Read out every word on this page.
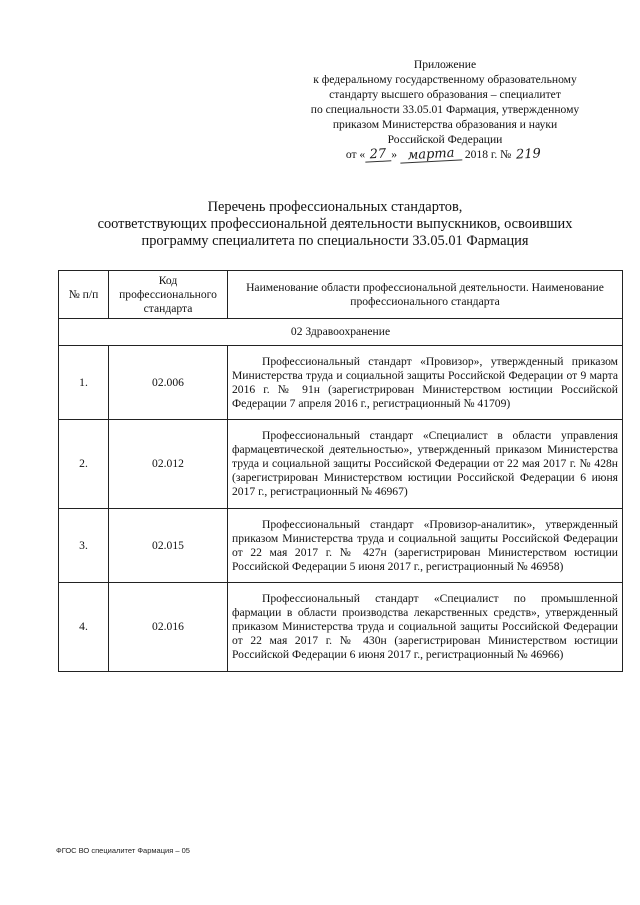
Приложение
к федеральному государственному образовательному
стандарту высшего образования – специалитет
по специальности 33.05.01 Фармация, утвержденному
приказом Министерства образования и науки
Российской Федерации
от « 27 » марта 2018 г. № 219
Перечень профессиональных стандартов,
соответствующих профессиональной деятельности выпускников, освоивших
программу специалитета по специальности 33.05.01 Фармация
№ п/п	Код профессионального стандарта	Наименование области профессиональной деятельности. Наименование профессионального стандарта
02 Здравоохранение		
1.	02.006	Профессиональный стандарт «Провизор», утвержденный приказом Министерства труда и социальной защиты Российской Федерации от 9 марта 2016 г. № 91н (зарегистрирован Министерством юстиции Российской Федерации 7 апреля 2016 г., регистрационный № 41709)
2.	02.012	Профессиональный стандарт «Специалист в области управления фармацевтической деятельностью», утвержденный приказом Министерства труда и социальной защиты Российской Федерации от 22 мая 2017 г. № 428н (зарегистрирован Министерством юстиции Российской Федерации 6 июня 2017 г., регистрационный № 46967)
3.	02.015	Профессиональный стандарт «Провизор-аналитик», утвержденный приказом Министерства труда и социальной защиты Российской Федерации от 22 мая 2017 г. № 427н (зарегистрирован Министерством юстиции Российской Федерации 5 июня 2017 г., регистрационный № 46958)
4.	02.016	Профессиональный стандарт «Специалист по промышленной фармации в области производства лекарственных средств», утвержденный приказом Министерства труда и социальной защиты Российской Федерации от 22 мая 2017 г. № 430н (зарегистрирован Министерством юстиции Российской Федерации 6 июня 2017 г., регистрационный № 46966)
ФГОС ВО специалитет Фармация – 05
